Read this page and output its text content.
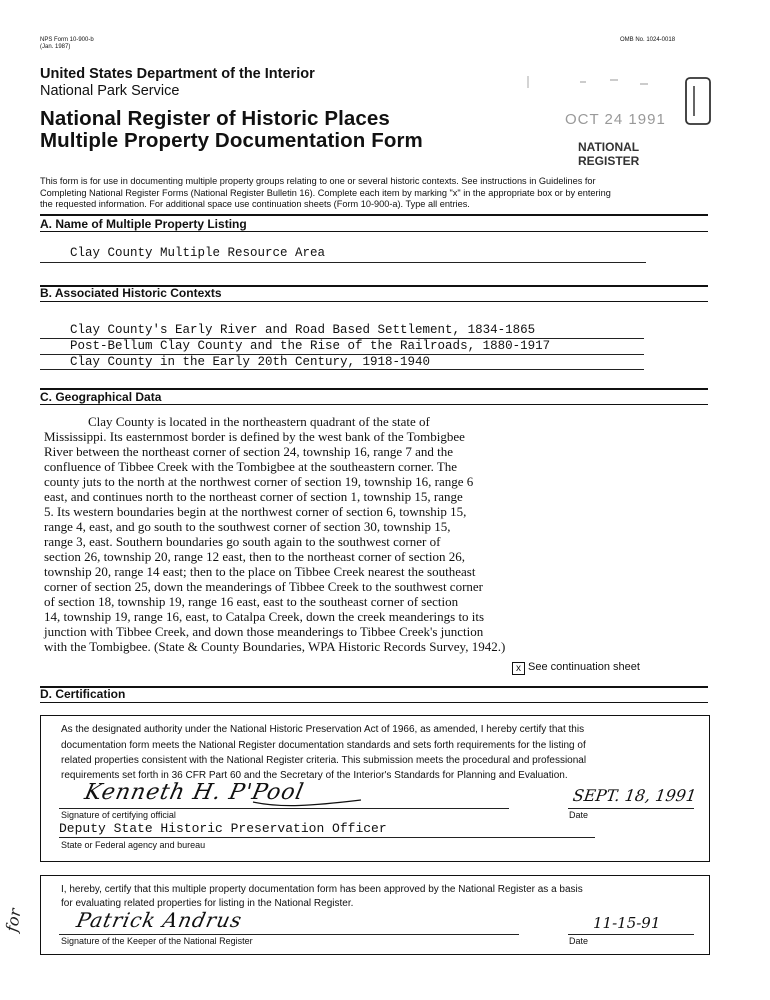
NPS Form 10-900-b
(Jan. 1987)
OMB No. 1024-0018
United States Department of the Interior
National Park Service
National Register of Historic Places
Multiple Property Documentation Form
OCT 24 1991
NATIONAL
REGISTER
This form is for use in documenting multiple property groups relating to one or several historic contexts. See instructions in Guidelines for
Completing National Register Forms (National Register Bulletin 16). Complete each item by marking "x" in the appropriate box or by entering
the requested information. For additional space use continuation sheets (Form 10-900-a). Type all entries.
A. Name of Multiple Property Listing
Clay County Multiple Resource Area
B. Associated Historic Contexts
Clay County's Early River and Road Based Settlement, 1834-1865
Post-Bellum Clay County and the Rise of the Railroads, 1880-1917
Clay County in the Early 20th Century, 1918-1940
C. Geographical Data
Clay County is located in the northeastern quadrant of the state of
Mississippi. Its easternmost border is defined by the west bank of the Tombigbee
River between the northeast corner of section 24, township 16, range 7 and the
confluence of Tibbee Creek with the Tombigbee at the southeastern corner. The
county juts to the north at the northwest corner of section 19, township 16, range 6
east, and continues north to the northeast corner of section 1, township 15, range
5. Its western boundaries begin at the northwest corner of section 6, township 15,
range 4, east, and go south to the southwest corner of section 30, township 15,
range 3, east. Southern boundaries go south again to the southwest corner of
section 26, township 20, range 12 east, then to the northeast corner of section 26,
township 20, range 14 east; then to the place on Tibbee Creek nearest the southeast
corner of section 25, down the meanderings of Tibbee Creek to the southwest corner
of section 18, township 19, range 16 east, east to the southeast corner of section
14, township 19, range 16, east, to Catalpa Creek, down the creek meanderings to its
junction with Tibbee Creek, and down those meanderings to Tibbee Creek's junction
with the Tombigbee. (State & County Boundaries, WPA Historic Records Survey, 1942.)
x See continuation sheet
D. Certification
As the designated authority under the National Historic Preservation Act of 1966, as amended, I hereby certify that this
documentation form meets the National Register documentation standards and sets forth requirements for the listing of
related properties consistent with the National Register criteria. This submission meets the procedural and professional
requirements set forth in 36 CFR Part 60 and the Secretary of the Interior's Standards for Planning and Evaluation.
Kenneth H. P'Pool	SEPT. 18, 1991
Signature of certifying official	Date
Deputy State Historic Preservation Officer
State or Federal agency and bureau
I, hereby, certify that this multiple property documentation form has been approved by the National Register as a basis
for evaluating related properties for listing in the National Register.
Patrick Andrus	11-15-91
Signature of the Keeper of the National Register	Date
for
